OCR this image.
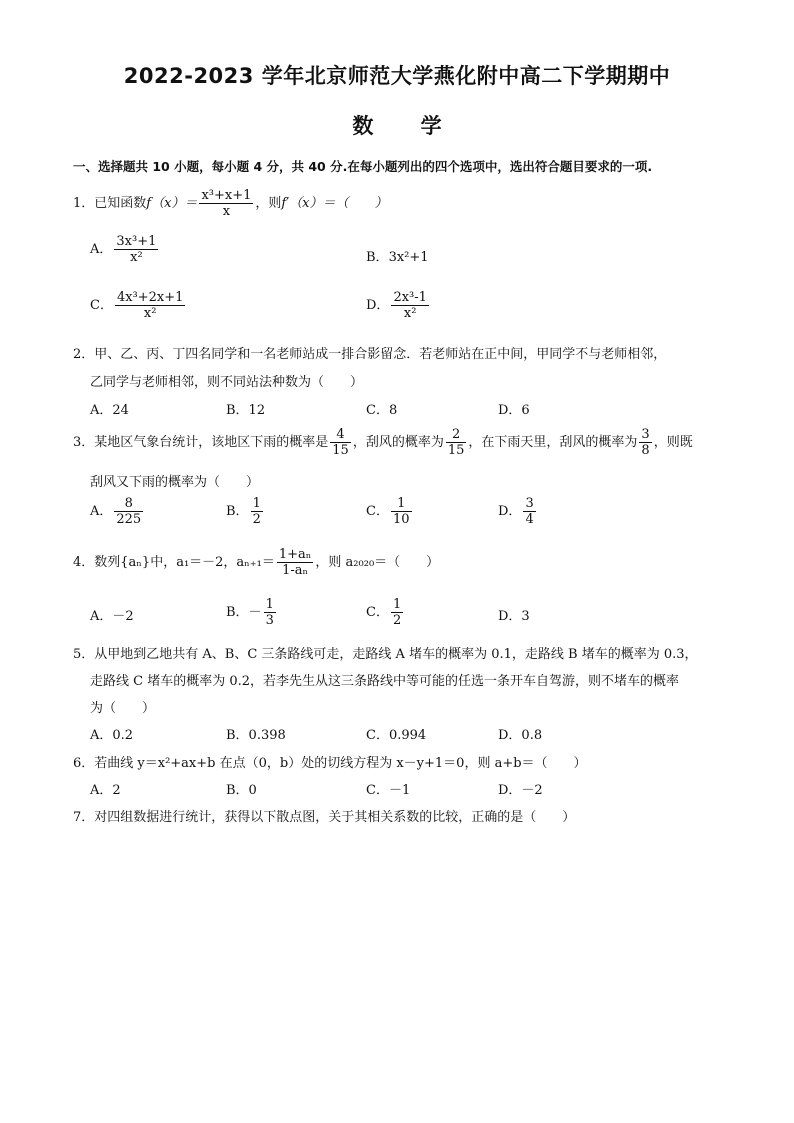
2022-2023 学年北京师范大学燕化附中高二下学期期中
数 学
一、选择题共 10 小题，每小题 4 分，共 40 分.在每小题列出的四个选项中，选出符合题目要求的一项.
1．已知函数$f(x)= \frac{\text{x³+x+1}}{x}$ ，则f′（x）＝（　　）
A． $\frac{\text{3x³+1}}{\text{x²}}$	B．3x²+1
C． $\frac{\text{4x³+2x+1}}{\text{x²}}$	D． $\frac{\text{2x³-1}}{\text{x²}}$
2．甲、乙、丙、丁四名同学和一名老师站成一排合影留念．若老师站在正中间，甲同学不与老师相邻，
乙同学与老师相邻，则不同站法种数为（　　）
A．24	B．12	C．8	D．6
3．某地区气象台统计，该地区下雨的概率是 $\frac{4}{15}$ ，刮风的概率为 $\frac{2}{15}$ ，在下雨天里，刮风的概率为 $\frac{3}{8}$ ，则既
刮风又下雨的概率为（　　）
A． $\frac{8}{225}$	B． $\frac{1}{2}$	C． $\frac{1}{10}$	D． $\frac{3}{4}$
4．数列{aₙ}中，a₁＝－2，$a_{n+1}= \frac{\text{1+aₙ}}{\text{1-aₙ}}$ ，则 a₂₀₂₀＝（　　）
A．－2	B．－ $\frac{1}{3}$	C． $\frac{1}{2}$	D．3
5．从甲地到乙地共有 A、B、C 三条路线可走，走路线 A 堵车的概率为 0.1，走路线 B 堵车的概率为 0.3，
走路线 C 堵车的概率为 0.2，若李先生从这三条路线中等可能的任选一条开车自驾游，则不堵车的概率
为（　　）
A．0.2	B．0.398	C．0.994	D．0.8
6．若曲线 y＝x²+ax+b 在点（0，b）处的切线方程为 x－y+1＝0，则 a+b＝（　　）
A．2	B．0	C．－1	D．－2
7．对四组数据进行统计，获得以下散点图，关于其相关系数的比较，正确的是（　　）
